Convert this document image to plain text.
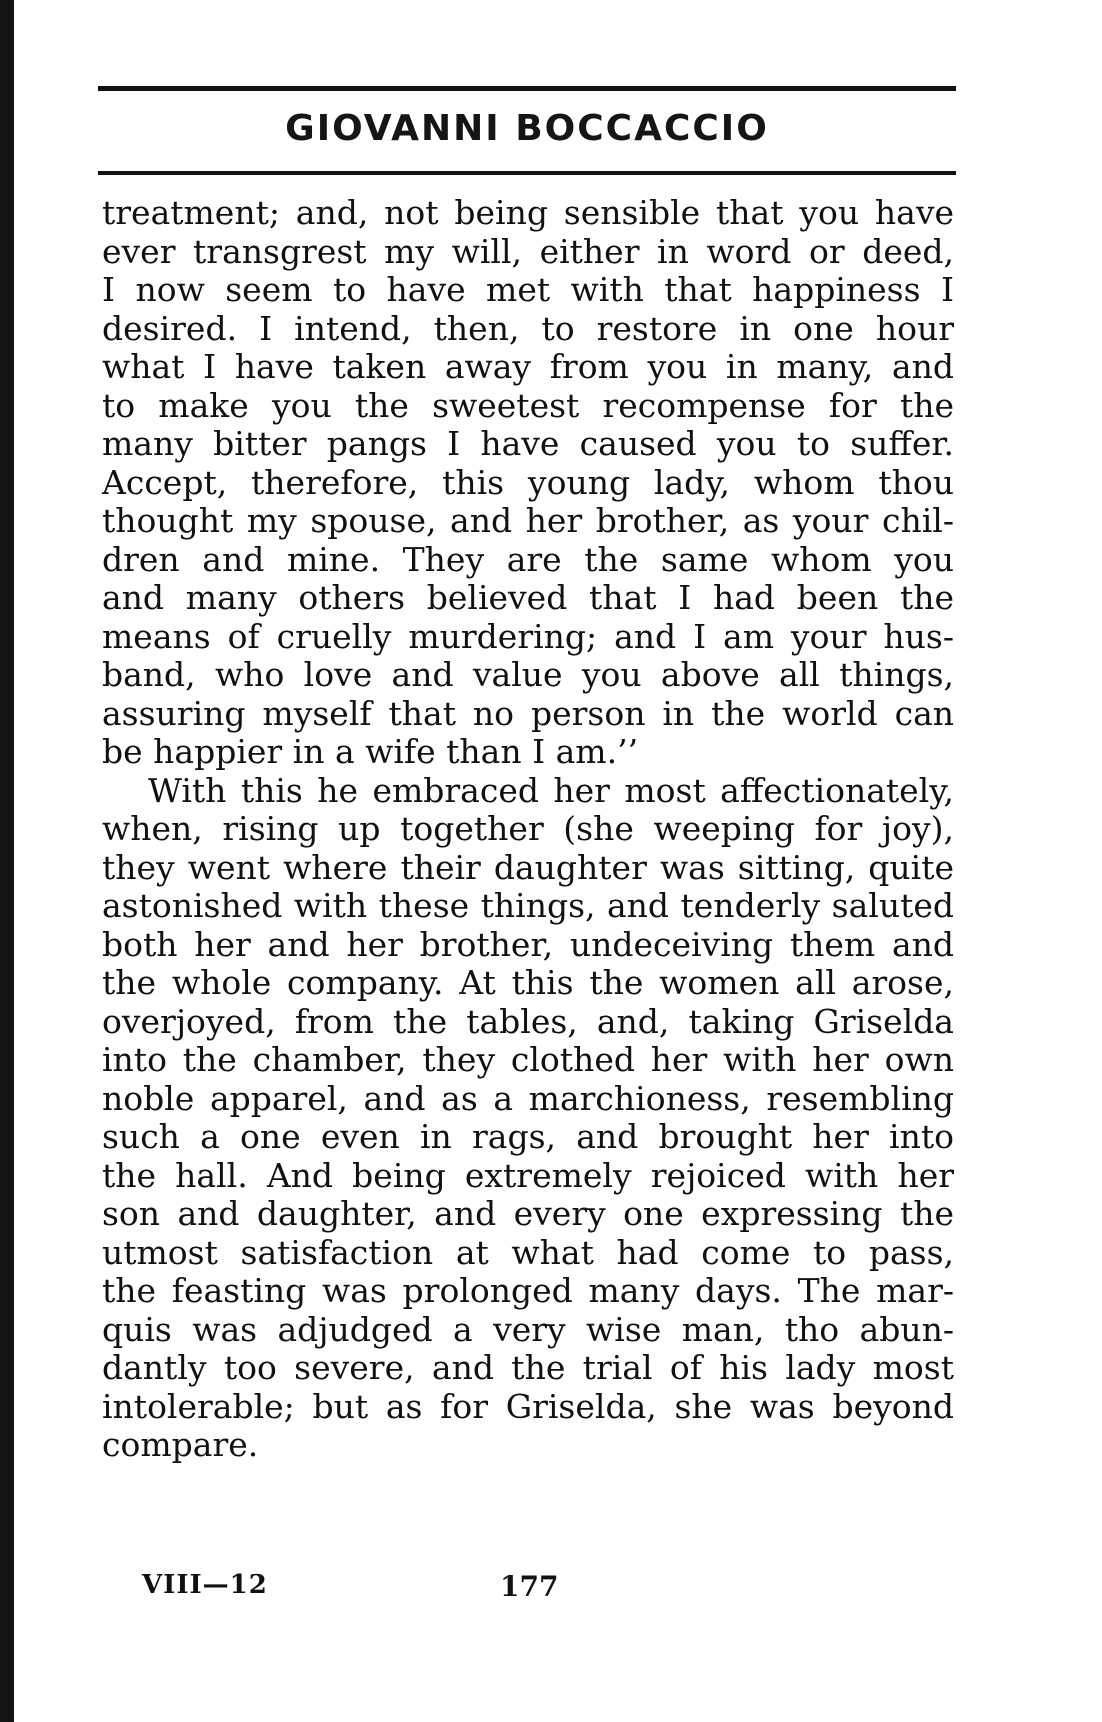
GIOVANNI BOCCACCIO
treatment; and, not being sensible that you have
ever transgrest my will, either in word or deed,
I now seem to have met with that happiness I
desired. I intend, then, to restore in one hour
what I have taken away from you in many, and
to make you the sweetest recompense for the
many bitter pangs I have caused you to suffer.
Accept, therefore, this young lady, whom thou
thought my spouse, and her brother, as your chil-
dren and mine. They are the same whom you
and many others believed that I had been the
means of cruelly murdering; and I am your hus-
band, who love and value you above all things,
assuring myself that no person in the world can
be happier in a wife than I am.’’
With this he embraced her most affectionately,
when, rising up together (she weeping for joy),
they went where their daughter was sitting, quite
astonished with these things, and tenderly saluted
both her and her brother, undeceiving them and
the whole company. At this the women all arose,
overjoyed, from the tables, and, taking Griselda
into the chamber, they clothed her with her own
noble apparel, and as a marchioness, resembling
such a one even in rags, and brought her into
the hall. And being extremely rejoiced with her
son and daughter, and every one expressing the
utmost satisfaction at what had come to pass,
the feasting was prolonged many days. The mar-
quis was adjudged a very wise man, tho abun-
dantly too severe, and the trial of his lady most
intolerable; but as for Griselda, she was beyond
compare.
VIII—12	177
